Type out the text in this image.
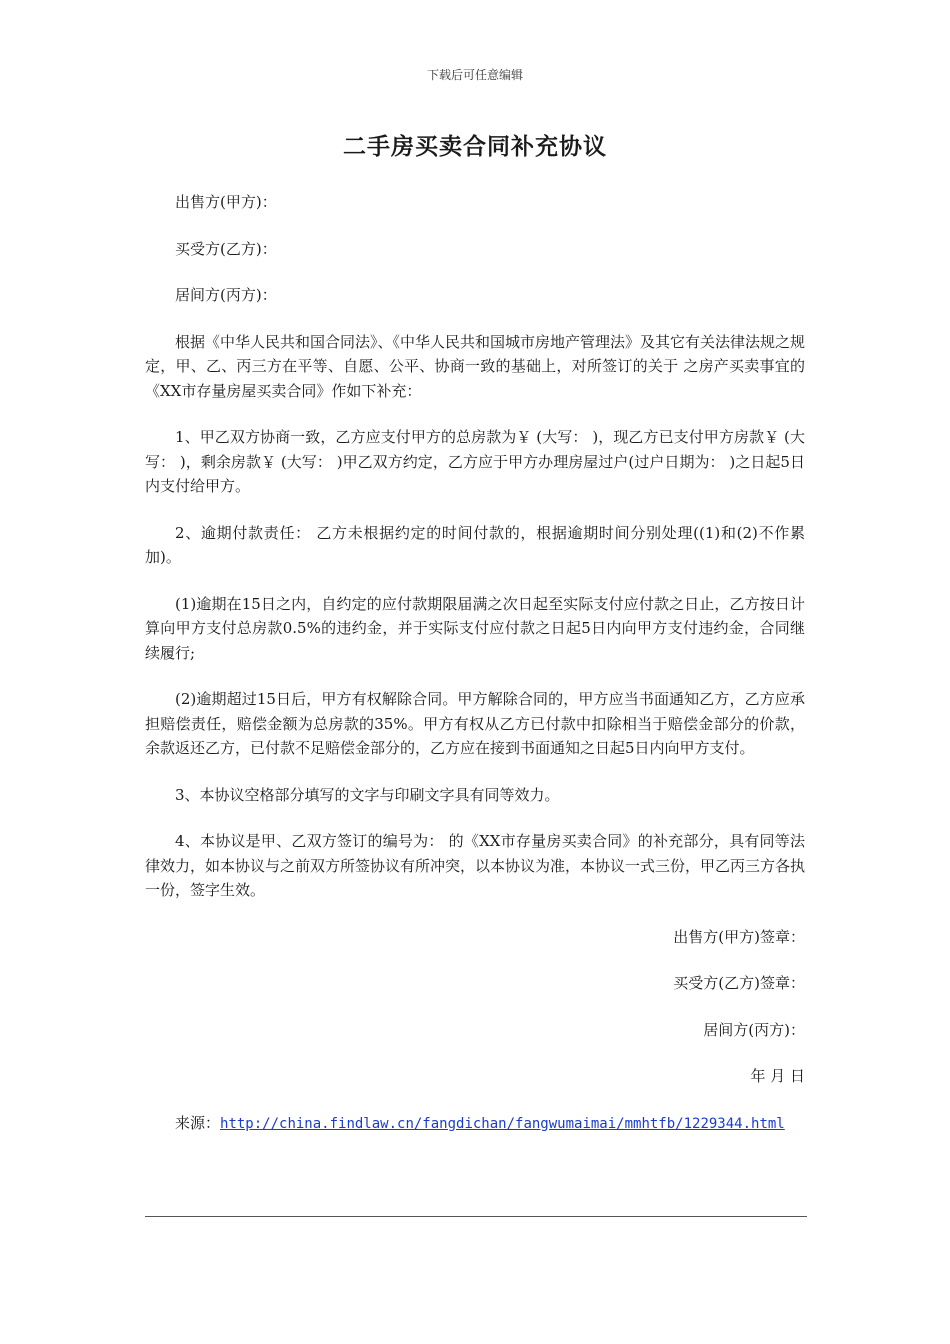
下载后可任意编辑
二手房买卖合同补充协议

出售方(甲方)：

买受方(乙方)：

居间方(丙方)：

根据《中华人民共和国合同法》、《中华人民共和国城市房地产管理法》及其它有关法律法规之规定，甲、乙、丙三方在平等、自愿、公平、协商一致的基础上，对所签订的关于 之房产买卖事宜的《XX市存量房屋买卖合同》作如下补充：

1、甲乙双方协商一致，乙方应支付甲方的总房款为￥ (大写： )，现乙方已支付甲方房款￥ (大写： )，剩余房款￥ (大写： )甲乙双方约定，乙方应于甲方办理房屋过户(过户日期为： )之日起5日内支付给甲方。

2、逾期付款责任： 乙方未根据约定的时间付款的，根据逾期时间分别处理((1)和(2)不作累加)。

(1)逾期在15日之内，自约定的应付款期限届满之次日起至实际支付应付款之日止，乙方按日计算向甲方支付总房款0.5%的违约金，并于实际支付应付款之日起5日内向甲方支付违约金，合同继续履行;

(2)逾期超过15日后，甲方有权解除合同。甲方解除合同的，甲方应当书面通知乙方，乙方应承担赔偿责任，赔偿金额为总房款的35%。甲方有权从乙方已付款中扣除相当于赔偿金部分的价款，余款返还乙方，已付款不足赔偿金部分的，乙方应在接到书面通知之日起5日内向甲方支付。

3、本协议空格部分填写的文字与印刷文字具有同等效力。

4、本协议是甲、乙双方签订的编号为： 的《XX市存量房买卖合同》的补充部分，具有同等法律效力，如本协议与之前双方所签协议有所冲突，以本协议为准，本协议一式三份，甲乙丙三方各执一份，签字生效。

出售方(甲方)签章：

买受方(乙方)签章：

居间方(丙方)：

年 月 日

来源：http://china.findlaw.cn/fangdichan/fangwumaimai/mmhtfb/1229344.html
